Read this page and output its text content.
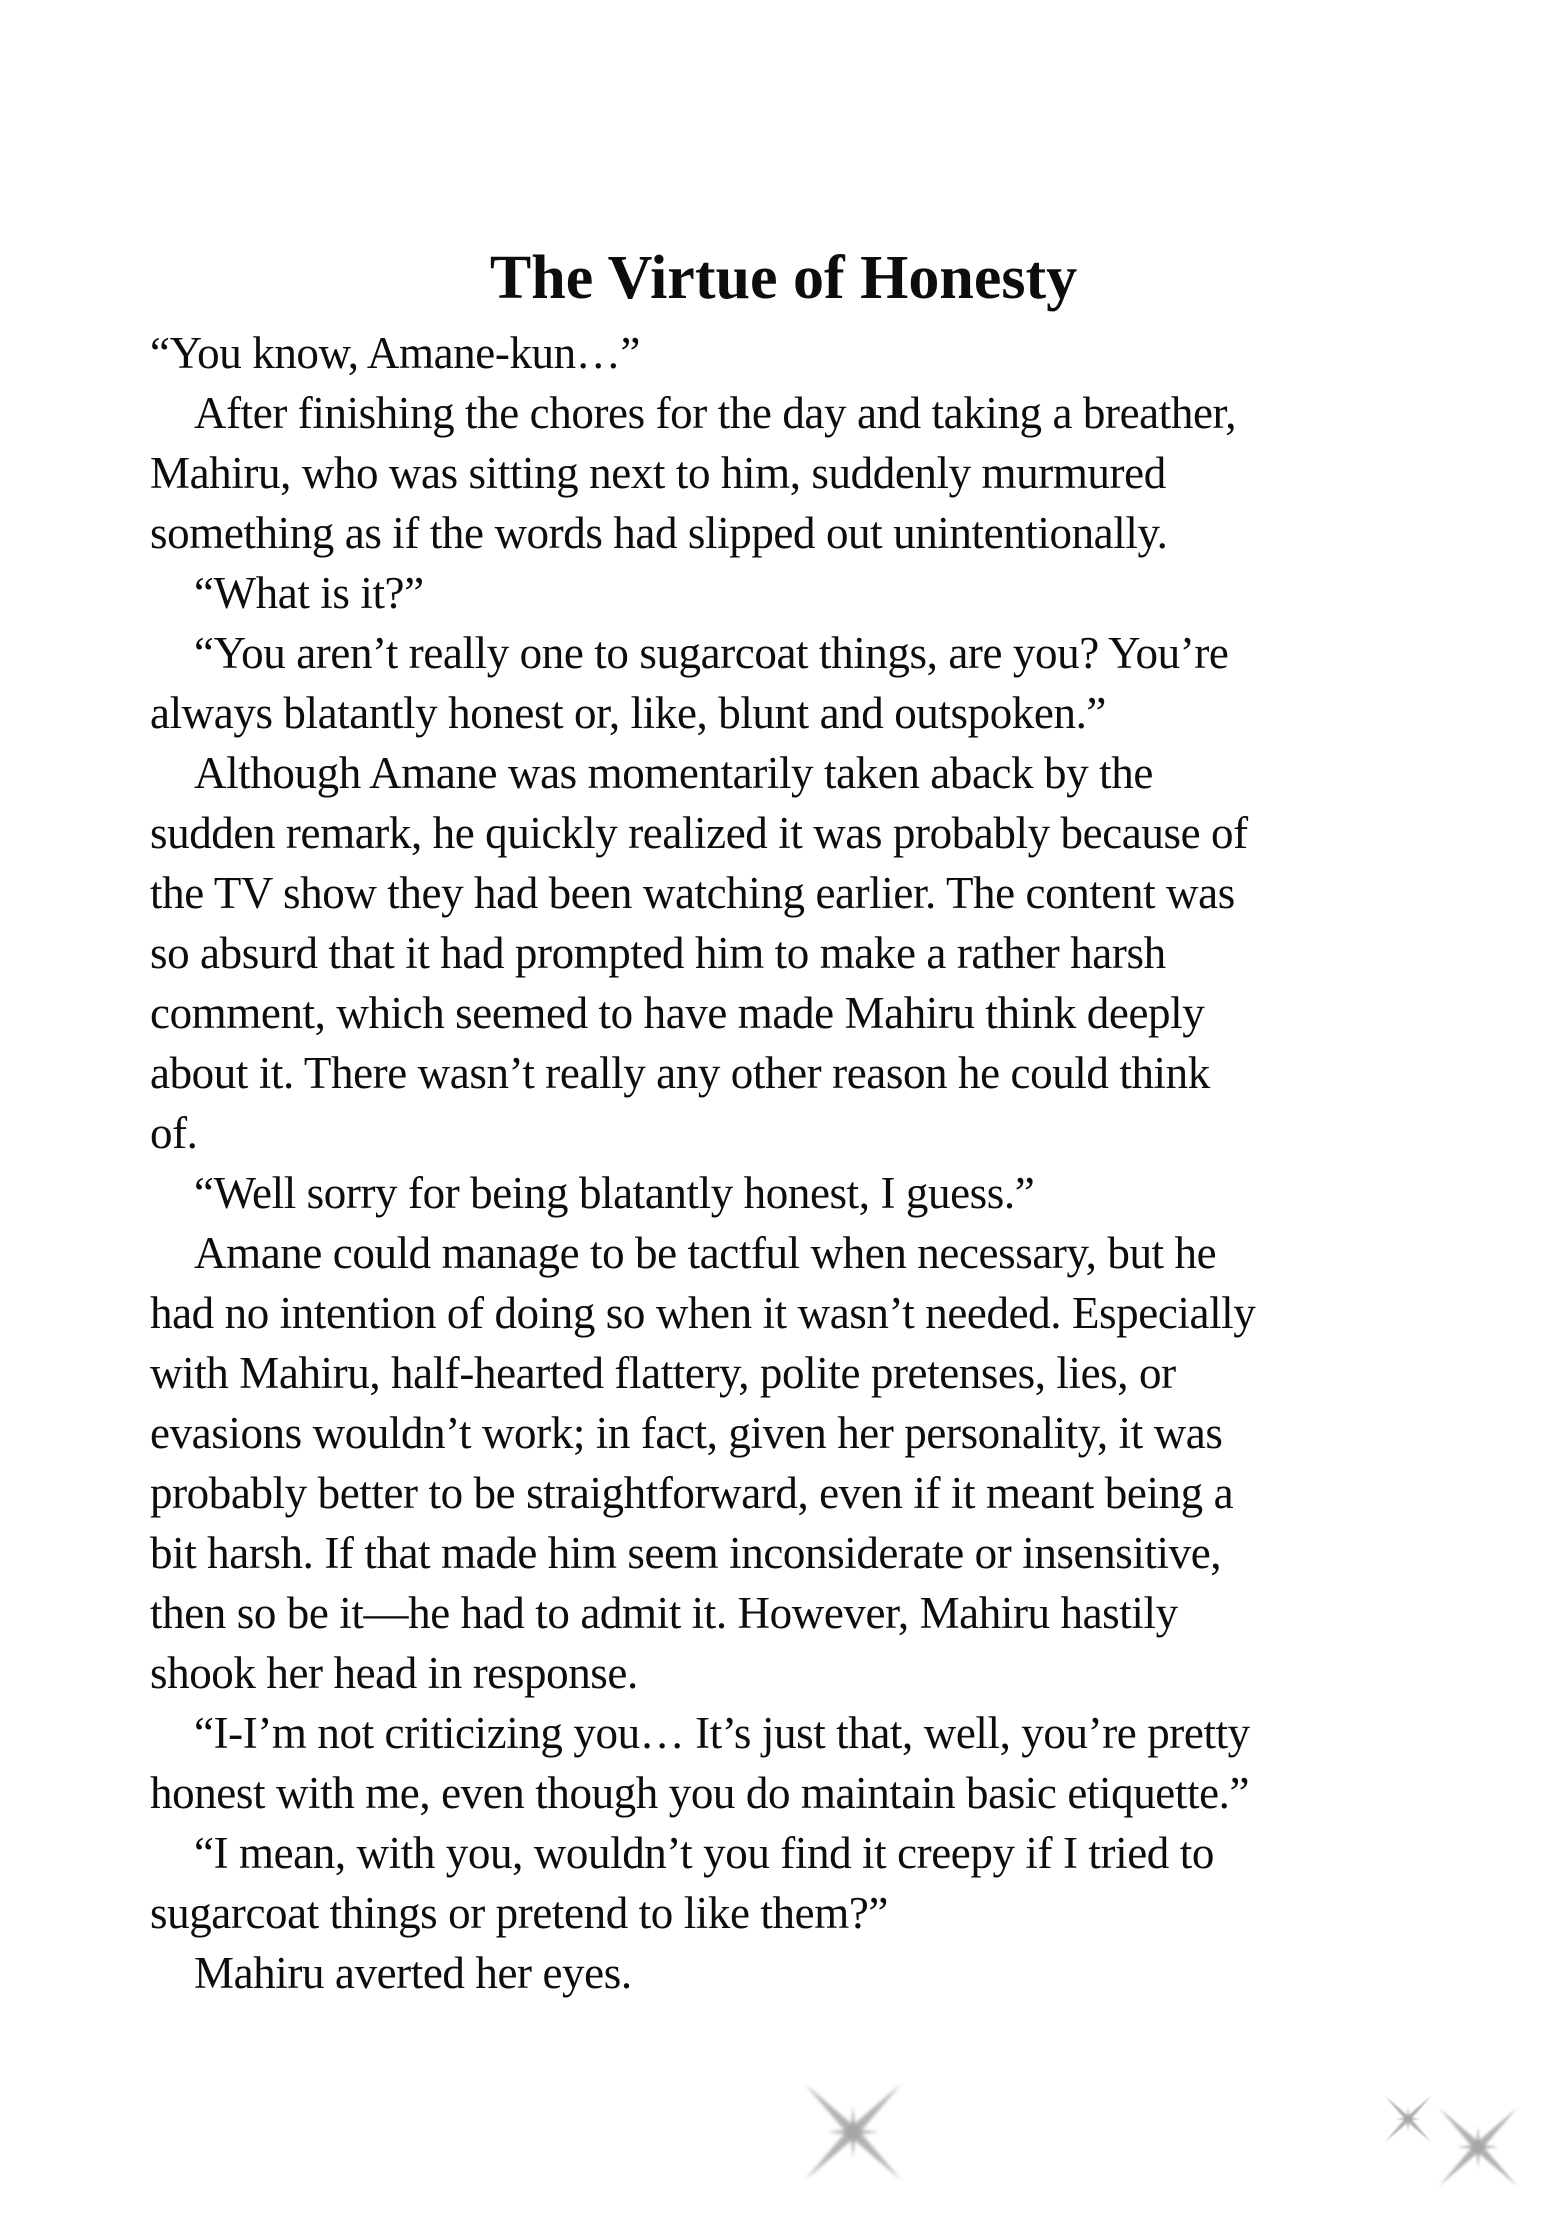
The Virtue of Honesty
“You know, Amane-kun…”
After finishing the chores for the day and taking a breather,
Mahiru, who was sitting next to him, suddenly murmured
something as if the words had slipped out unintentionally.
“What is it?”
“You aren’t really one to sugarcoat things, are you? You’re
always blatantly honest or, like, blunt and outspoken.”
Although Amane was momentarily taken aback by the
sudden remark, he quickly realized it was probably because of
the TV show they had been watching earlier. The content was
so absurd that it had prompted him to make a rather harsh
comment, which seemed to have made Mahiru think deeply
about it. There wasn’t really any other reason he could think
of.
“Well sorry for being blatantly honest, I guess.”
Amane could manage to be tactful when necessary, but he
had no intention of doing so when it wasn’t needed. Especially
with Mahiru, half-hearted flattery, polite pretenses, lies, or
evasions wouldn’t work; in fact, given her personality, it was
probably better to be straightforward, even if it meant being a
bit harsh. If that made him seem inconsiderate or insensitive,
then so be it—he had to admit it. However, Mahiru hastily
shook her head in response.
“I-I’m not criticizing you… It’s just that, well, you’re pretty
honest with me, even though you do maintain basic etiquette.”
“I mean, with you, wouldn’t you find it creepy if I tried to
sugarcoat things or pretend to like them?”
Mahiru averted her eyes.
